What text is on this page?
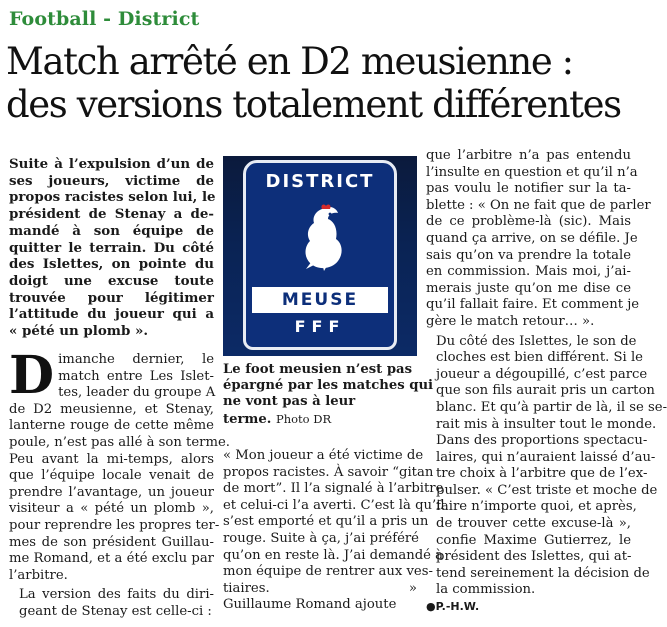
Football - District
Match arrêté en D2 meusienne :
des versions totalement différentes
Suite à l’expulsion d’un de
ses joueurs, victime de
propos racistes selon lui, le
président de Stenay a de-
mandé à son équipe de
quitter le terrain. Du côté
des Islettes, on pointe du
doigt une excuse toute
trouvée pour légitimer
l’attitude du joueur qui a
« pété un plomb ».
D imanche dernier, le
match entre Les Islet-
tes, leader du groupe A
de D2 meusienne, et Stenay,
lanterne rouge de cette même
poule, n’est pas allé à son terme.
Peu avant la mi-temps, alors
que l’équipe locale venait de
prendre l’avantage, un joueur
visiteur a « pété un plomb »,
pour reprendre les propres ter-
mes de son président Guillau-
me Romand, et a été exclu par
l’arbitre.
La version des faits du diri-
geant de Stenay est celle-ci :
DISTRICT
MEUSE
FFF
Le foot meusien n’est pas
épargné par les matches qui
ne vont pas à leur
terme. Photo DR
« Mon joueur a été victime de
propos racistes. À savoir “gitan
de mort”. Il l’a signalé à l’arbitre
et celui-ci l’a averti. C’est là qu’il
s’est emporté et qu’il a pris un
rouge. Suite à ça, j’ai préféré
qu’on en reste là. J’ai demandé à
mon équipe de rentrer aux ves-
tiaires. »
Guillaume Romand ajoute
que l’arbitre n’a pas entendu
l’insulte en question et qu’il n’a
pas voulu le notifier sur la ta-
blette : « On ne fait que de parler
de ce problème-là (sic). Mais
quand ça arrive, on se défile. Je
sais qu’on va prendre la totale
en commission. Mais moi, j’ai-
merais juste qu’on me dise ce
qu’il fallait faire. Et comment je
gère le match retour… ».
Du côté des Islettes, le son de
cloches est bien différent. Si le
joueur a dégoupillé, c’est parce
que son fils aurait pris un carton
blanc. Et qu’à partir de là, il se se-
rait mis à insulter tout le monde.
Dans des proportions spectacu-
laires, qui n’auraient laissé d’au-
tre choix à l’arbitre que de l’ex-
pulser. « C’est triste et moche de
faire n’importe quoi, et après,
de trouver cette excuse-là »,
confie Maxime Gutierrez, le
président des Islettes, qui at-
tend sereinement la décision de
la commission.
●P.-H.W.
